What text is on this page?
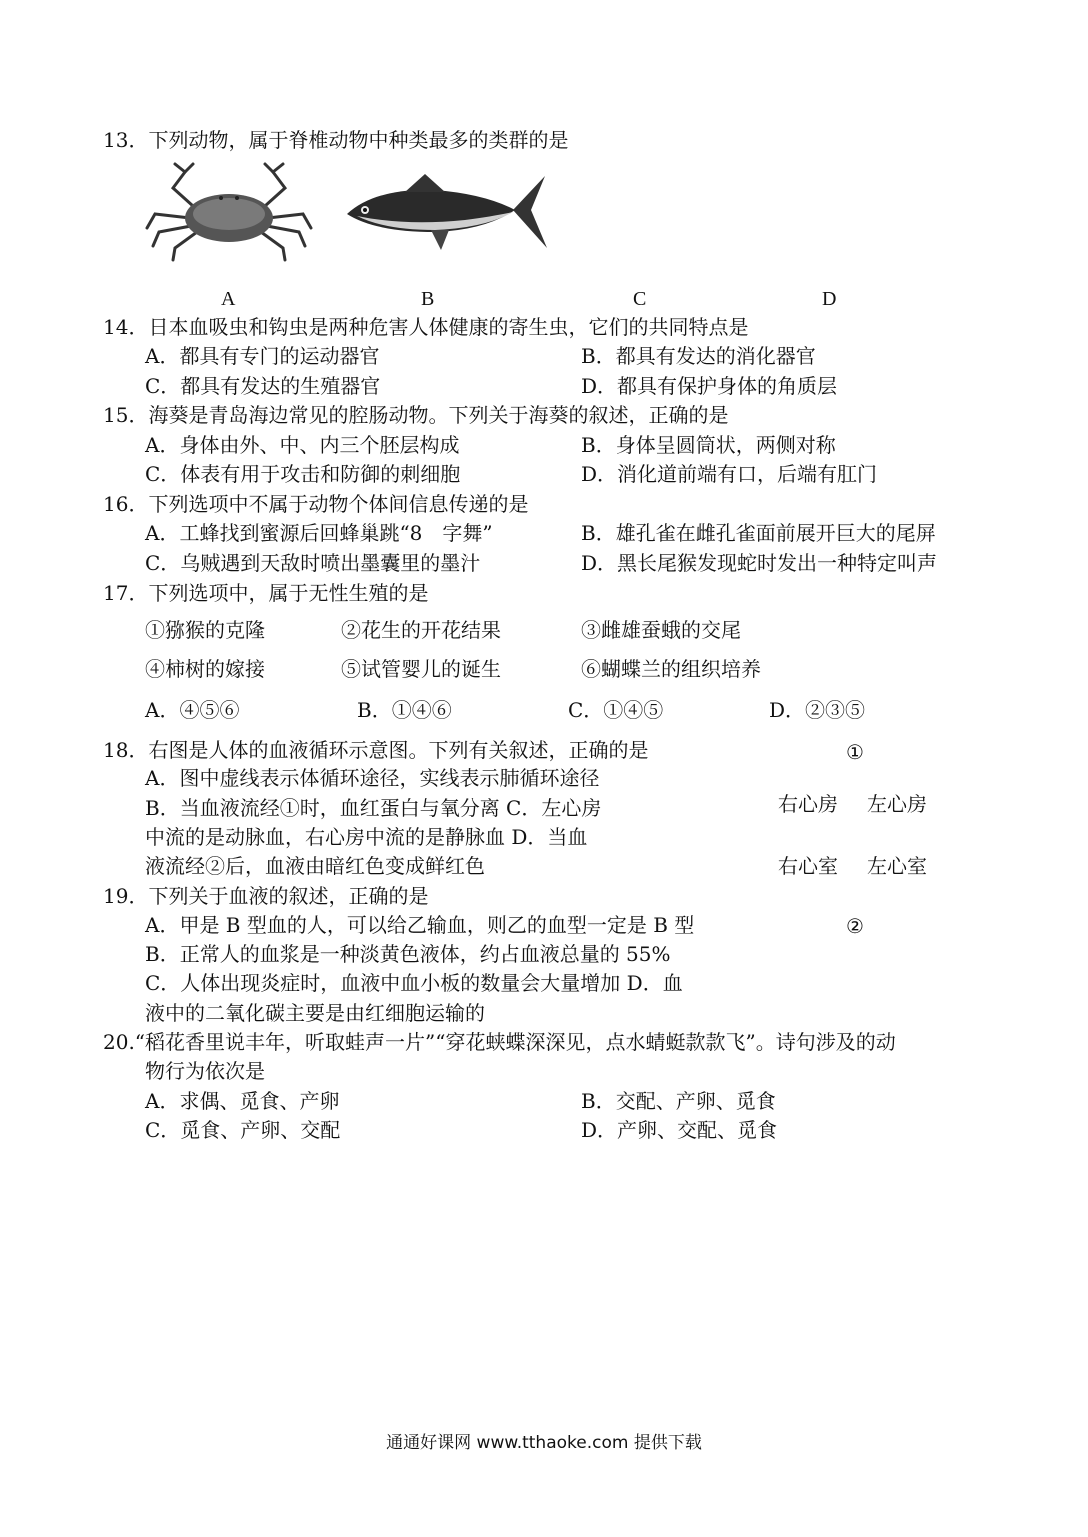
13．下列动物，属于脊椎动物中种类最多的类群的是
A	B	C	D
14．日本血吸虫和钩虫是两种危害人体健康的寄生虫，它们的共同特点是
A．都具有专门的运动器官	B．都具有发达的消化器官
C．都具有发达的生殖器官	D．都具有保护身体的角质层
15．海葵是青岛海边常见的腔肠动物。下列关于海葵的叙述，正确的是
A．身体由外、中、内三个胚层构成	B．身体呈圆筒状，两侧对称
C．体表有用于攻击和防御的刺细胞	D．消化道前端有口，后端有肛门
16．下列选项中不属于动物个体间信息传递的是
A．工蜂找到蜜源后回蜂巢跳“8　字舞”	B．雄孔雀在雌孔雀面前展开巨大的尾屏
C．乌贼遇到天敌时喷出墨囊里的墨汁	D．黑长尾猴发现蛇时发出一种特定叫声
17．下列选项中，属于无性生殖的是
①猕猴的克隆	②花生的开花结果	③雌雄蚕蛾的交尾
④柿树的嫁接	⑤试管婴儿的诞生	⑥蝴蝶兰的组织培养
A．④⑤⑥	B．①④⑥	C．①④⑤	D．②③⑤
18．右图是人体的血液循环示意图。下列有关叙述，正确的是
A．图中虚线表示体循环途径，实线表示肺循环途径
B．当血液流经①时，血红蛋白与氧分离 C．左心房
中流的是动脉血，右心房中流的是静脉血 D．当血
液流经②后，血液由暗红色变成鲜红色
①
右心房 左心房
右心室 左心室
②
19．下列关于血液的叙述，正确的是
A．甲是 B 型血的人，可以给乙输血，则乙的血型一定是 B 型
B．正常人的血浆是一种淡黄色液体，约占血液总量的 55%
C．人体出现炎症时，血液中血小板的数量会大量增加 D．血
液中的二氧化碳主要是由红细胞运输的
20.“稻花香里说丰年，听取蛙声一片”“穿花蛱蝶深深见，点水蜻蜓款款飞”。诗句涉及的动
物行为依次是
A．求偶、觅食、产卵	B．交配、产卵、觅食
C．觅食、产卵、交配	D．产卵、交配、觅食
通通好课网 www.tthaoke.com 提供下载
